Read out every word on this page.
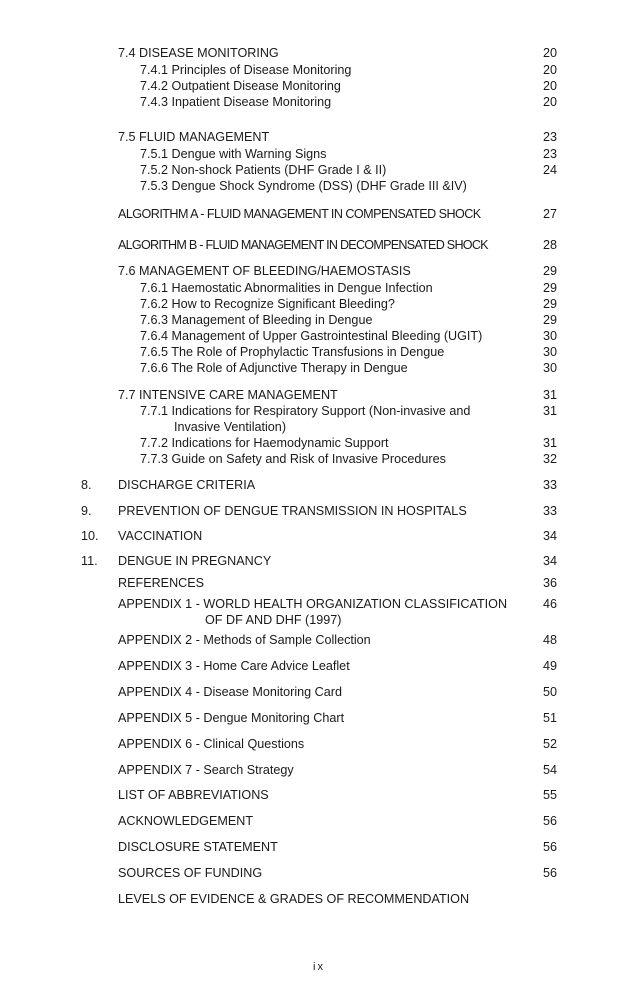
7.4 DISEASE MONITORING	20
7.4.1 Principles of Disease Monitoring	20
7.4.2 Outpatient Disease Monitoring	20
7.4.3 Inpatient Disease Monitoring	20
7.5 FLUID MANAGEMENT	23
7.5.1 Dengue with Warning Signs	23
7.5.2 Non-shock Patients (DHF Grade I & II)	24
7.5.3 Dengue Shock Syndrome (DSS) (DHF Grade III &IV)
ALGORITHM A - FLUID MANAGEMENT IN COMPENSATED SHOCK	27
ALGORITHM B - FLUID MANAGEMENT IN DECOMPENSATED SHOCK	28
7.6 MANAGEMENT OF BLEEDING/HAEMOSTASIS	29
7.6.1 Haemostatic Abnormalities in Dengue Infection	29
7.6.2 How to Recognize Significant Bleeding?	29
7.6.3 Management of Bleeding in Dengue	29
7.6.4 Management of Upper Gastrointestinal Bleeding (UGIT)	30
7.6.5 The Role of Prophylactic Transfusions in Dengue	30
7.6.6 The Role of Adjunctive Therapy in Dengue	30
7.7 INTENSIVE CARE MANAGEMENT	31
7.7.1 Indications for Respiratory Support (Non-invasive and	31
Invasive Ventilation)
7.7.2 Indications for Haemodynamic Support	31
7.7.3 Guide on Safety and Risk of Invasive Procedures	32
8. DISCHARGE CRITERIA	33
9. PREVENTION OF DENGUE TRANSMISSION IN HOSPITALS	33
10. VACCINATION	34
11. DENGUE IN PREGNANCY	34
REFERENCES	36
APPENDIX 1 - WORLD HEALTH ORGANIZATION CLASSIFICATION	46
OF DF AND DHF (1997)
APPENDIX 2 - Methods of Sample Collection	48
APPENDIX 3 - Home Care Advice Leaflet	49
APPENDIX 4 - Disease Monitoring Card	50
APPENDIX 5 - Dengue Monitoring Chart	51
APPENDIX 6 - Clinical Questions	52
APPENDIX 7 - Search Strategy	54
LIST OF ABBREVIATIONS	55
ACKNOWLEDGEMENT	56
DISCLOSURE STATEMENT	56
SOURCES OF FUNDING	56
LEVELS OF EVIDENCE & GRADES OF RECOMMENDATION
ix
